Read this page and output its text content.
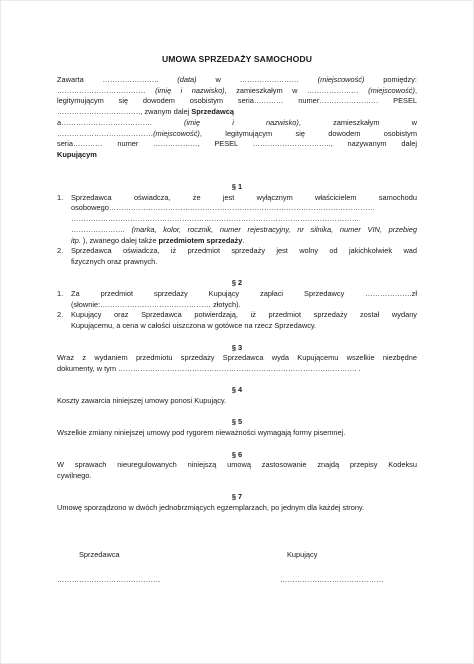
UMOWA SPRZEDAŻY SAMOCHODU

Zawarta ………………….. (data) w …………………… (miejscowość) pomiędzy:

……………………………… (imię i nazwisko), zamieszkałym w ………………… (miejscowość),

legitymującym się dowodem osobistym seria………… numer…………………… PESEL

……………………………., zwanym dalej Sprzedawcą

a………………………………. (imię i nazwisko), zamieszkałym w

…………………………………(miejscowość), legitymującym się dowodem osobistym

seria………… numer ………………, PESEL ………………………….., nazywanym dalej

Kupującym

§ 1

1.	Sprzedawca oświadcza, że jest wyłącznym właścicielem samochodu

osobowego………………………………………………………………………………………………

………………………………………………………………………………………………………

…………………. (marka, kolor, rocznik, numer rejestracyjny, nr silnika, numer VIN, przebieg

itp. ), zwanego dalej także przedmiotem sprzedaży.

2.	Sprzedawca oświadcza, iż przedmiot sprzedaży jest wolny od jakichkolwiek wad

fizycznych oraz prawnych.

§ 2

1.	Za przedmiot sprzedaży Kupujący zapłaci Sprzedawcy ……………….zł

(słownie:……………………………………… złotych).

2.	Kupujący oraz Sprzedawca potwierdzają, iż przedmiot sprzedaży został wydany

Kupującemu, a cena w całości uiszczona w gotówce na rzecz Sprzedawcy.

§ 3

Wraz z wydaniem przedmiotu sprzedaży Sprzedawca wyda Kupującemu wszelkie niezbędne

dokumenty, w tym ……………………………………………………………………………………. .

§ 4

Koszty zawarcia niniejszej umowy ponosi Kupujący.

§ 5

Wszelkie zmiany niniejszej umowy pod rygorem nieważności wymagają formy pisemnej.

§ 6

W sprawach nieuregulowanych niniejszą umową zastosowanie znajdą przepisy Kodeksu

cywilnego.

§ 7

Umowę sporządzono w dwóch jednobrzmiących egzemplarzach, po jednym dla każdej strony.

Sprzedawca	Kupujący
……………………………………	……………………………………
